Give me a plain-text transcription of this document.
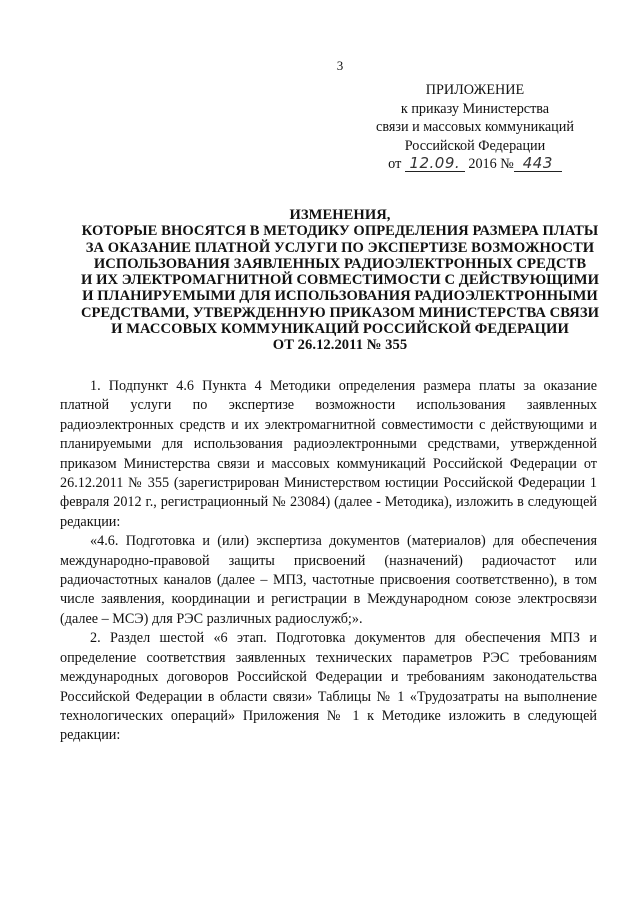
3
ПРИЛОЖЕНИЕ
к приказу Министерства
связи и массовых коммуникаций
Российской Федерации
от 12.09. 2016 № 443
ИЗМЕНЕНИЯ,
КОТОРЫЕ ВНОСЯТСЯ В МЕТОДИКУ ОПРЕДЕЛЕНИЯ РАЗМЕРА ПЛАТЫ
ЗА ОКАЗАНИЕ ПЛАТНОЙ УСЛУГИ ПО ЭКСПЕРТИЗЕ ВОЗМОЖНОСТИ
ИСПОЛЬЗОВАНИЯ ЗАЯВЛЕННЫХ РАДИОЭЛЕКТРОННЫХ СРЕДСТВ
И ИХ ЭЛЕКТРОМАГНИТНОЙ СОВМЕСТИМОСТИ С ДЕЙСТВУЮЩИМИ
И ПЛАНИРУЕМЫМИ ДЛЯ ИСПОЛЬЗОВАНИЯ РАДИОЭЛЕКТРОННЫМИ
СРЕДСТВАМИ, УТВЕРЖДЕННУЮ ПРИКАЗОМ МИНИСТЕРСТВА СВЯЗИ
И МАССОВЫХ КОММУНИКАЦИЙ РОССИЙСКОЙ ФЕДЕРАЦИИ
ОТ 26.12.2011 № 355

1. Подпункт 4.6 Пункта 4 Методики определения размера платы за оказание платной услуги по экспертизе возможности использования заявленных радиоэлектронных средств и их электромагнитной совместимости с действующими и планируемыми для использования радиоэлектронными средствами, утвержденной приказом Министерства связи и массовых коммуникаций Российской Федерации от 26.12.2011 № 355 (зарегистрирован Министерством юстиции Российской Федерации 1 февраля 2012 г., регистрационный № 23084) (далее - Методика), изложить в следующей редакции:

«4.6. Подготовка и (или) экспертиза документов (материалов) для обеспечения международно-правовой защиты присвоений (назначений) радиочастот или радиочастотных каналов (далее – МПЗ, частотные присвоения соответственно), в том числе заявления, координации и регистрации в Международном союзе электросвязи (далее – МСЭ) для РЭС различных радиослужб;».

2. Раздел шестой «6 этап. Подготовка документов для обеспечения МПЗ и определение соответствия заявленных технических параметров РЭС требованиям международных договоров Российской Федерации и требованиям законодательства Российской Федерации в области связи» Таблицы № 1 «Трудозатраты на выполнение технологических операций» Приложения № 1 к Методике изложить в следующей редакции:
